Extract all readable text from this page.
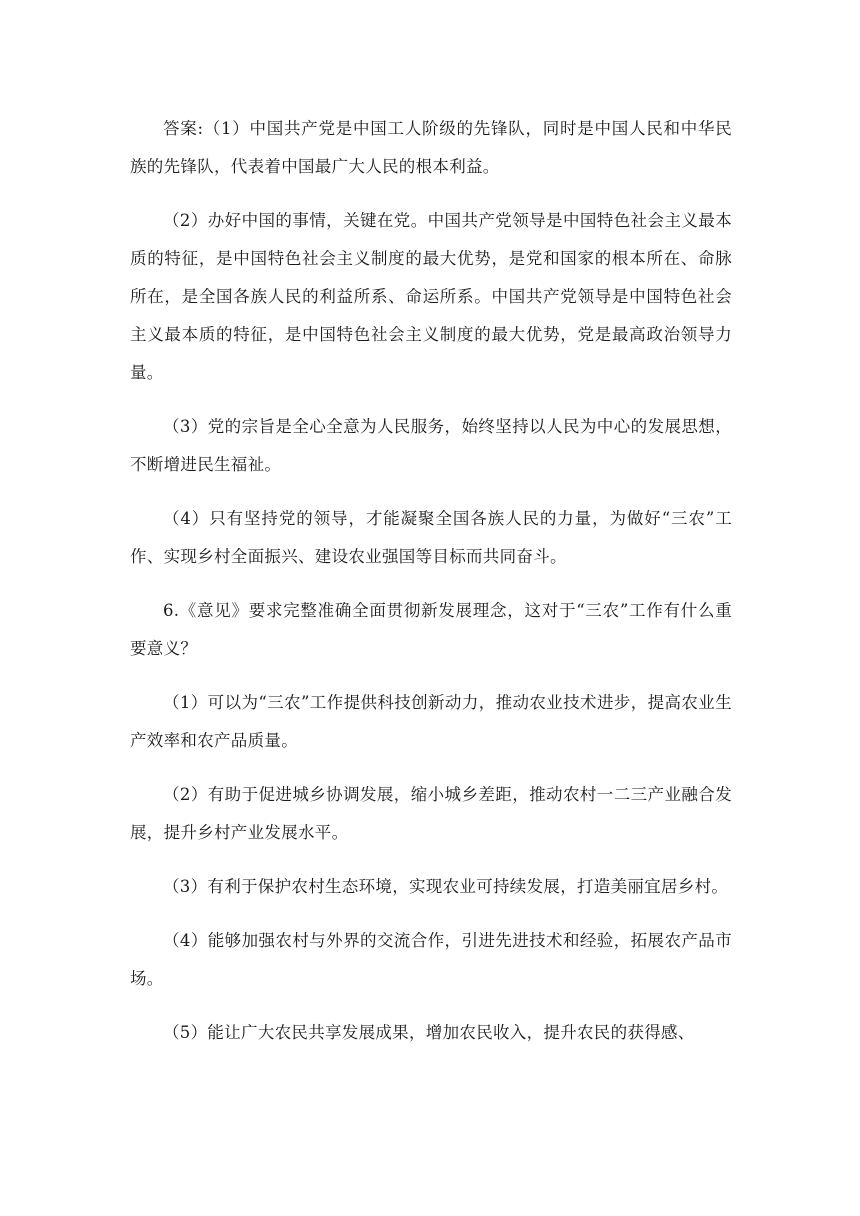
答案:（1）中国共产党是中国工人阶级的先锋队，同时是中国人民和中华民族的先锋队，代表着中国最广大人民的根本利益。

（2）办好中国的事情，关键在党。中国共产党领导是中国特色社会主义最本质的特征，是中国特色社会主义制度的最大优势，是党和国家的根本所在、命脉所在，是全国各族人民的利益所系、命运所系。中国共产党领导是中国特色社会主义最本质的特征，是中国特色社会主义制度的最大优势，党是最高政治领导力量。

（3）党的宗旨是全心全意为人民服务，始终坚持以人民为中心的发展思想，不断增进民生福祉。

（4）只有坚持党的领导，才能凝聚全国各族人民的力量，为做好“三农”工作、实现乡村全面振兴、建设农业强国等目标而共同奋斗。

6.《意见》要求完整准确全面贯彻新发展理念，这对于“三农”工作有什么重要意义？

（1）可以为“三农”工作提供科技创新动力，推动农业技术进步，提高农业生产效率和农产品质量。

（2）有助于促进城乡协调发展，缩小城乡差距，推动农村一二三产业融合发展，提升乡村产业发展水平。

（3）有利于保护农村生态环境，实现农业可持续发展，打造美丽宜居乡村。

（4）能够加强农村与外界的交流合作，引进先进技术和经验，拓展农产品市场。

（5）能让广大农民共享发展成果，增加农民收入，提升农民的获得感、
